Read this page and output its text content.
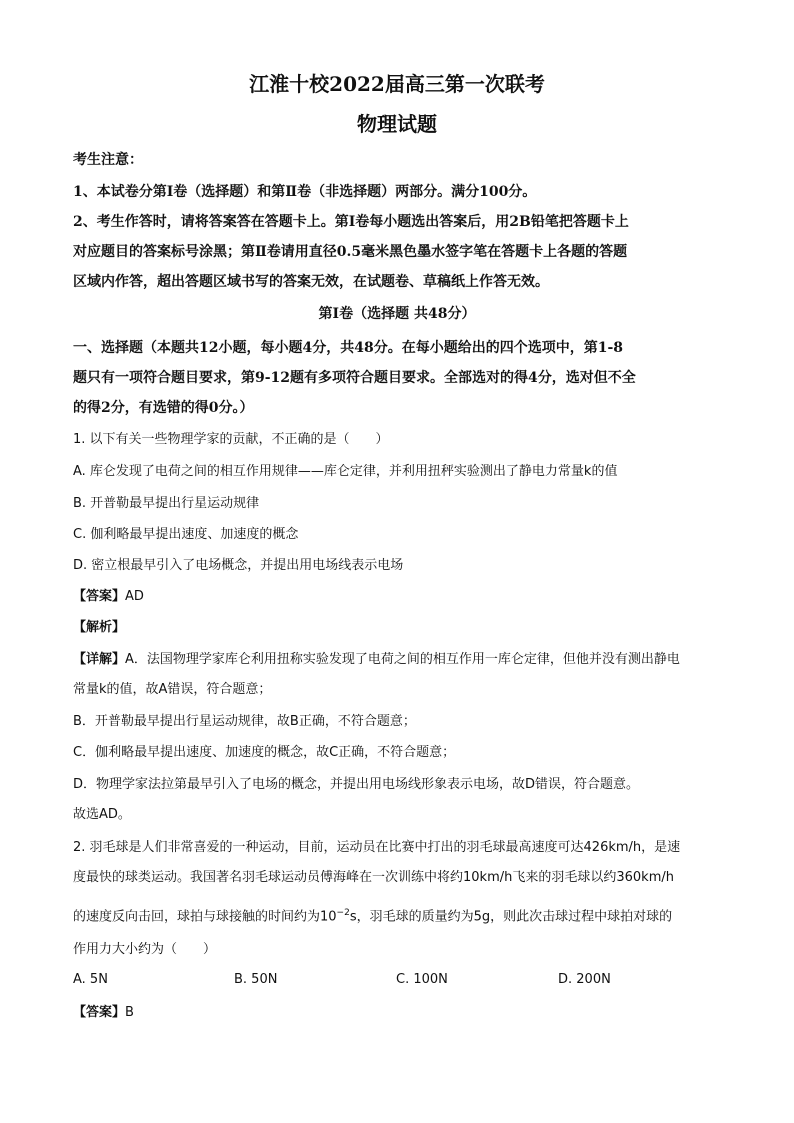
江淮十校2022届高三第一次联考
物理试题
考生注意：
1、本试卷分第Ⅰ卷（选择题）和第Ⅱ卷（非选择题）两部分。满分100分。
2、考生作答时，请将答案答在答题卡上。第Ⅰ卷每小题选出答案后，用2B铅笔把答题卡上
对应题目的答案标号涂黑；第Ⅱ卷请用直径0.5毫米黑色墨水签字笔在答题卡上各题的答题
区域内作答，超出答题区域书写的答案无效，在试题卷、草稿纸上作答无效。
第Ⅰ卷（选择题 共48分）
一、选择题（本题共12小题，每小题4分，共48分。在每小题给出的四个选项中，第1-8
题只有一项符合题目要求，第9-12题有多项符合题目要求。全部选对的得4分，选对但不全
的得2分，有选错的得0分。）
1. 以下有关一些物理学家的贡献，不正确的是（　　）
A. 库仑发现了电荷之间的相互作用规律——库仑定律，并利用扭秤实验测出了静电力常量k的值
B. 开普勒最早提出行星运动规律
C. 伽利略最早提出速度、加速度的概念
D. 密立根最早引入了电场概念，并提出用电场线表示电场
【答案】AD
【解析】
【详解】A．法国物理学家库仑利用扭称实验发现了电荷之间的相互作用一库仑定律，但他并没有测出静电
常量k的值，故A错误，符合题意；
B．开普勒最早提出行星运动规律，故B正确，不符合题意；
C．伽利略最早提出速度、加速度的概念，故C正确，不符合题意；
D．物理学家法拉第最早引入了电场的概念，并提出用电场线形象表示电场，故D错误，符合题意。
故选AD。
2. 羽毛球是人们非常喜爱的一种运动，目前，运动员在比赛中打出的羽毛球最高速度可达426km/h，是速
度最快的球类运动。我国著名羽毛球运动员傅海峰在一次训练中将约10km/h飞来的羽毛球以约360km/h
的速度反向击回，球拍与球接触的时间约为$10^{-2}s$，羽毛球的质量约为5g，则此次击球过程中球拍对球的
作用力大小约为（　　）
A. 5N	B. 50N	C. 100N	D. 200N
【答案】B
